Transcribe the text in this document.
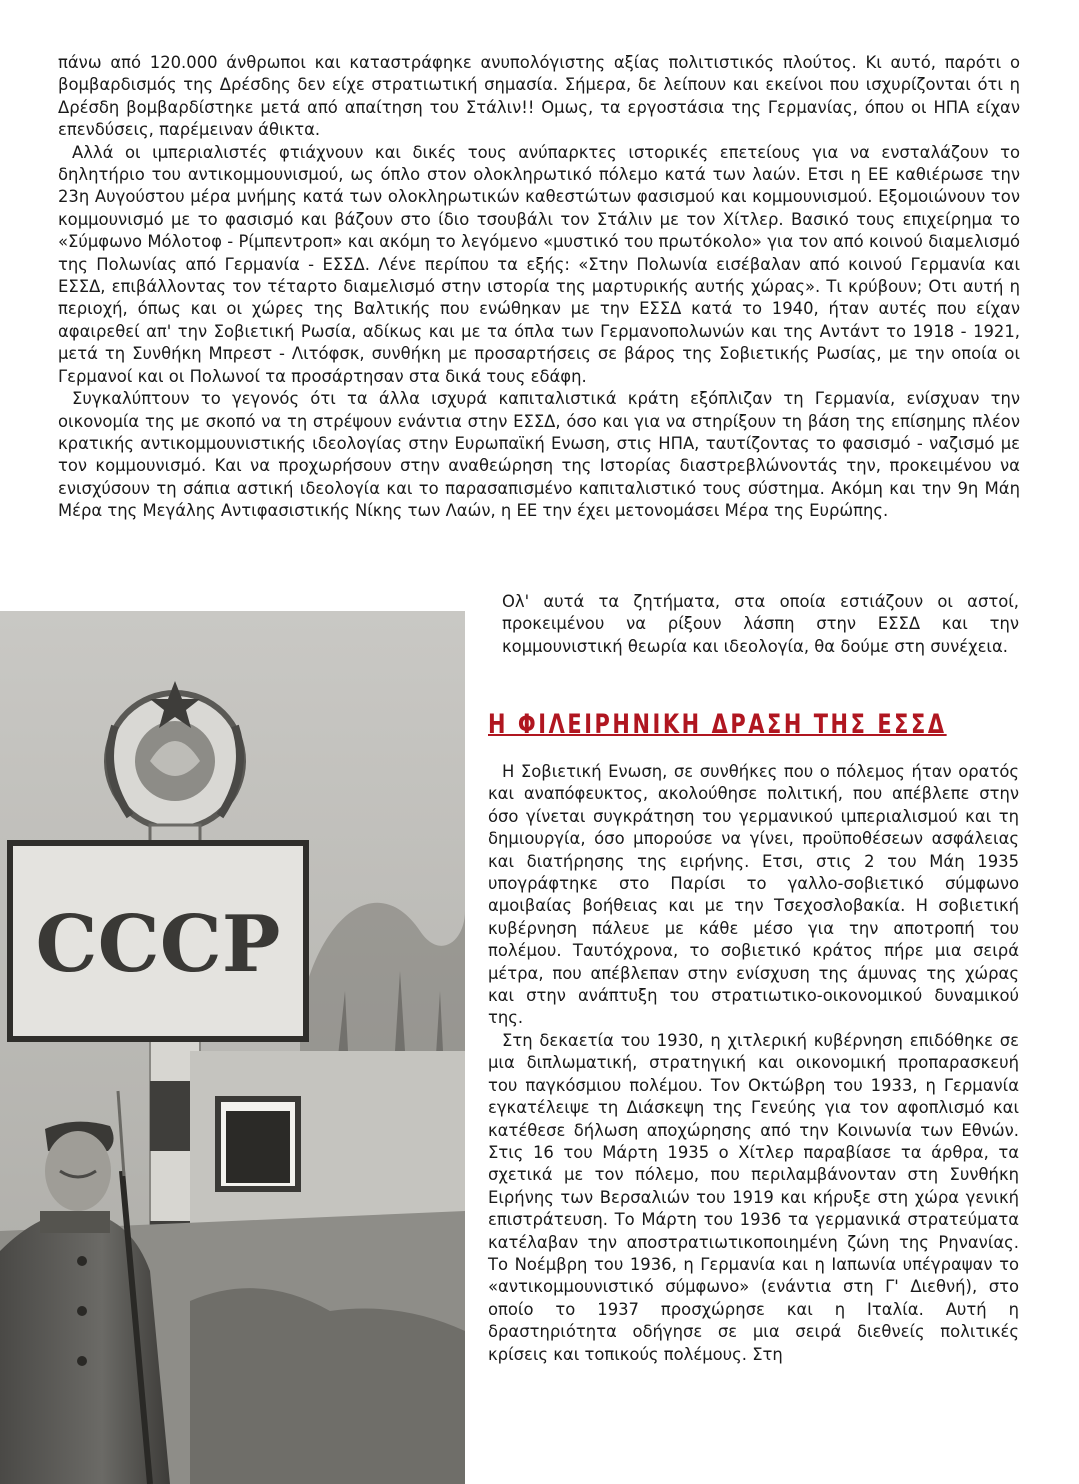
πάνω από 120.000 άνθρωποι και καταστράφηκε ανυπολόγιστης αξίας πολιτιστικός πλούτος. Κι αυτό, παρότι ο βομβαρδισμός της Δρέσδης δεν είχε στρατιωτική σημασία. Σήμερα, δε λείπουν και εκείνοι που ισχυρίζονται ότι η Δρέσδη βομβαρδίστηκε μετά από απαίτηση του Στάλιν!! Ομως, τα εργοστάσια της Γερμανίας, όπου οι ΗΠΑ είχαν επενδύσεις, παρέμειναν άθικτα.

Αλλά οι ιμπεριαλιστές φτιάχνουν και δικές τους ανύπαρκτες ιστορικές επετείους για να ενσταλάζουν το δηλητήριο του αντικομμουνισμού, ως όπλο στον ολοκληρωτικό πόλεμο κατά των λαών. Ετσι η ΕΕ καθιέρωσε την 23η Αυγούστου μέρα μνήμης κατά των ολοκληρωτικών καθεστώτων φασισμού και κομμουνισμού. Εξομοιώνουν τον κομμουνισμό με το φασισμό και βάζουν στο ίδιο τσουβάλι τον Στάλιν με τον Χίτλερ. Βασικό τους επιχείρημα το «Σύμφωνο Μόλοτοφ - Ρίμπεντροπ» και ακόμη το λεγόμενο «μυστικό του πρωτόκολο» για τον από κοινού διαμελισμό της Πολωνίας από Γερμανία - ΕΣΣΔ. Λένε περίπου τα εξής: «Στην Πολωνία εισέβαλαν από κοινού Γερμανία και ΕΣΣΔ, επιβάλλοντας τον τέταρτο διαμελισμό στην ιστορία της μαρτυρικής αυτής χώρας». Τι κρύβουν; Οτι αυτή η περιοχή, όπως και οι χώρες της Βαλτικής που ενώθηκαν με την ΕΣΣΔ κατά το 1940, ήταν αυτές που είχαν αφαιρεθεί απ' την Σοβιετική Ρωσία, αδίκως και με τα όπλα των Γερμανοπολωνών και της Αντάντ το 1918 - 1921, μετά τη Συνθήκη Μπρεστ - Λιτόφσκ, συνθήκη με προσαρτήσεις σε βάρος της Σοβιετικής Ρωσίας, με την οποία οι Γερμανοί και οι Πολωνοί τα προσάρτησαν στα δικά τους εδάφη.

Συγκαλύπτουν το γεγονός ότι τα άλλα ισχυρά καπιταλιστικά κράτη εξόπλιζαν τη Γερμανία, ενίσχυαν την οικονομία της με σκοπό να τη στρέψουν ενάντια στην ΕΣΣΔ, όσο και για να στηρίξουν τη βάση της επίσημης πλέον κρατικής αντικομμουνιστικής ιδεολογίας στην Ευρωπαϊκή Ενωση, στις ΗΠΑ, ταυτίζοντας το φασισμό - ναζισμό με τον κομμουνισμό. Και να προχωρήσουν στην αναθεώρηση της Ιστορίας διαστρεβλώνοντάς την, προκειμένου να ενισχύσουν τη σάπια αστική ιδεολογία και το παρασαπισμένο καπιταλιστικό τους σύστημα. Ακόμη και την 9η Μάη Μέρα της Μεγάλης Αντιφασιστικής Νίκης των Λαών, η ΕΕ την έχει μετονομάσει Μέρα της Ευρώπης.

СССР

Ολ' αυτά τα ζητήματα, στα οποία εστιάζουν οι αστοί, προκειμένου να ρίξουν λάσπη στην ΕΣΣΔ και την κομμουνιστική θεωρία και ιδεολογία, θα δούμε στη συνέχεια.

Η ΦΙΛΕΙΡΗΝΙΚΗ ΔΡΑΣΗ ΤΗΣ ΕΣΣΔ

Η Σοβιετική Ενωση, σε συνθήκες που ο πόλεμος ήταν ορατός και αναπόφευκτος, ακολούθησε πολιτική, που απέβλεπε στην όσο γίνεται συγκράτηση του γερμανικού ιμπεριαλισμού και τη δημιουργία, όσο μπορούσε να γίνει, προϋποθέσεων ασφάλειας και διατήρησης της ειρήνης. Ετσι, στις 2 του Μάη 1935 υπογράφτηκε στο Παρίσι το γαλλο-σοβιετικό σύμφωνο αμοιβαίας βοήθειας και με την Τσεχοσλοβακία. Η σοβιετική κυβέρνηση πάλευε με κάθε μέσο για την αποτροπή του πολέμου. Ταυτόχρονα, το σοβιετικό κράτος πήρε μια σειρά μέτρα, που απέβλεπαν στην ενίσχυση της άμυνας της χώρας και στην ανάπτυξη του στρατιωτικο-οικονομικού δυναμικού της.

Στη δεκαετία του 1930, η χιτλερική κυβέρνηση επιδόθηκε σε μια διπλωματική, στρατηγική και οικονομική προπαρασκευή του παγκόσμιου πολέμου. Τον Οκτώβρη του 1933, η Γερμανία εγκατέλειψε τη Διάσκεψη της Γενεύης για τον αφοπλισμό και κατέθεσε δήλωση αποχώρησης από την Κοινωνία των Εθνών. Στις 16 του Μάρτη 1935 ο Χίτλερ παραβίασε τα άρθρα, τα σχετικά με τον πόλεμο, που περιλαμβάνονταν στη Συνθήκη Ειρήνης των Βερσαλιών του 1919 και κήρυξε στη χώρα γενική επιστράτευση. Το Μάρτη του 1936 τα γερμανικά στρατεύματα κατέλαβαν την αποστρατιωτικοποιημένη ζώνη της Ρηνανίας. Το Νοέμβρη του 1936, η Γερμανία και η Ιαπωνία υπέγραψαν το «αντικομμουνιστικό σύμφωνο» (ενάντια στη Γ' Διεθνή), στο οποίο το 1937 προσχώρησε και η Ιταλία. Αυτή η δραστηριότητα οδήγησε σε μια σειρά διεθνείς πολιτικές κρίσεις και τοπικούς πολέμους. Στη
